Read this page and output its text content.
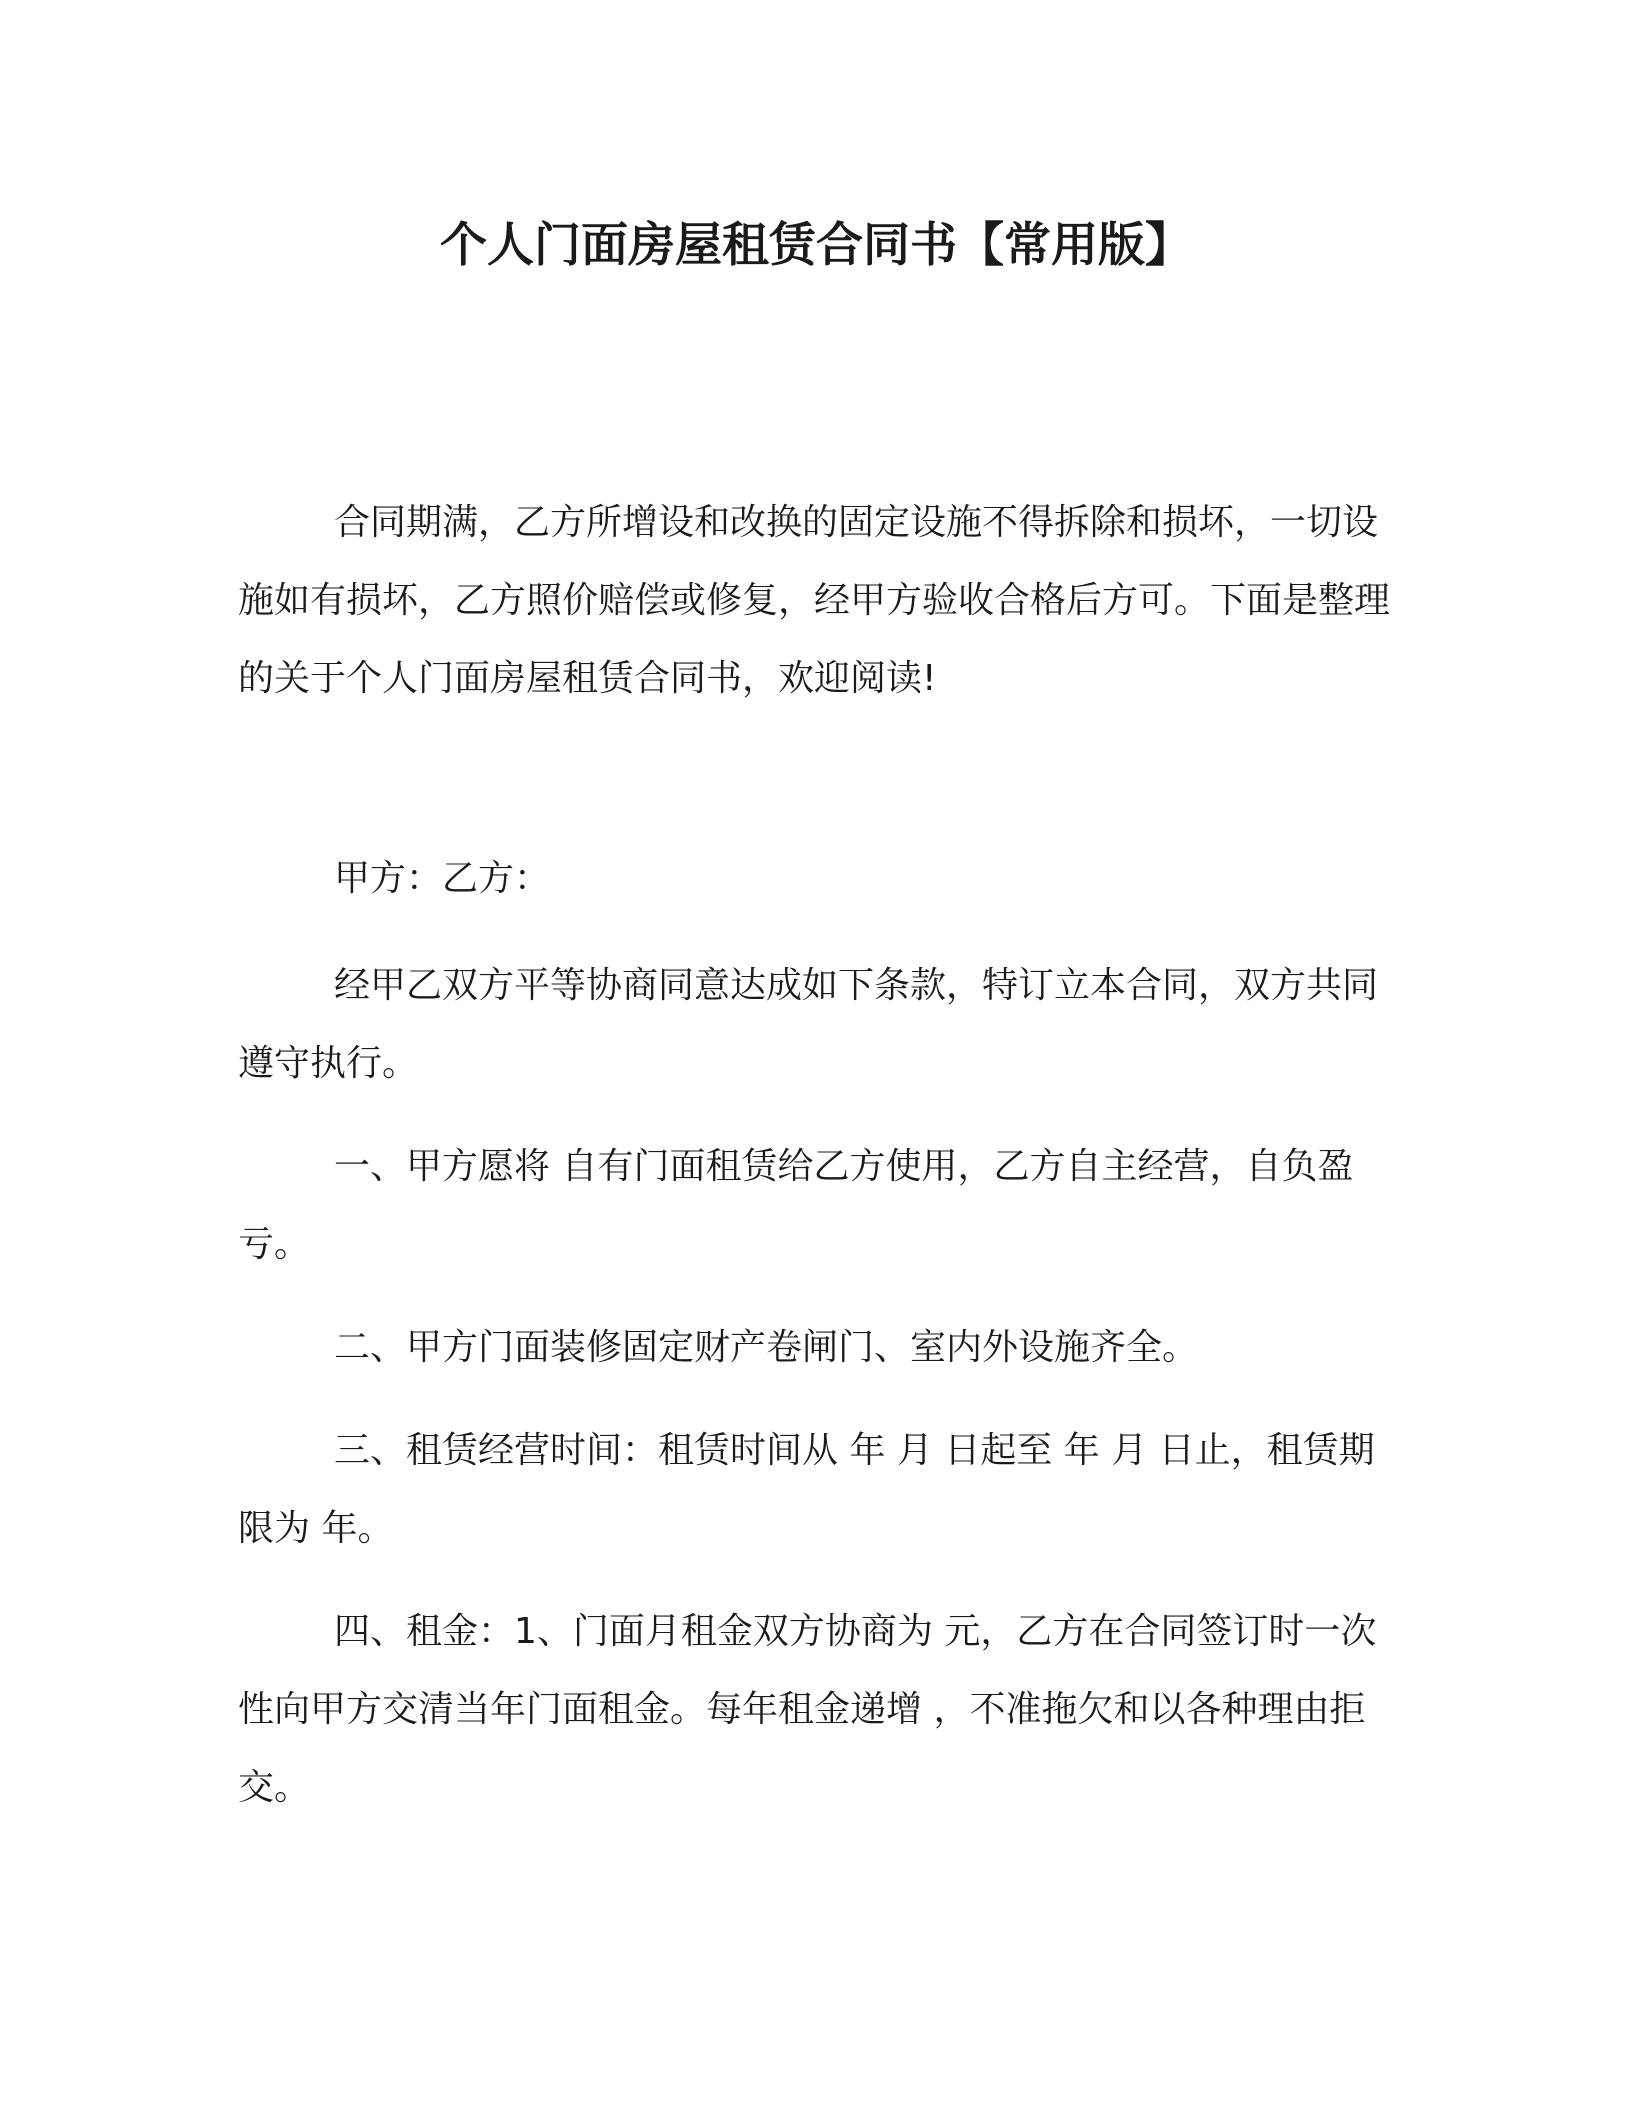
个人门面房屋租赁合同书【常用版】
合同期满，乙方所增设和改换的固定设施不得拆除和损坏，一切设施如有损坏，乙方照价赔偿或修复，经甲方验收合格后方可。下面是整理的关于个人门面房屋租赁合同书，欢迎阅读!
甲方：乙方：
经甲乙双方平等协商同意达成如下条款，特订立本合同，双方共同遵守执行。
一、甲方愿将 自有门面租赁给乙方使用，乙方自主经营，自负盈亏。
二、甲方门面装修固定财产卷闸门、室内外设施齐全。
三、租赁经营时间：租赁时间从 年 月 日起至 年 月 日止，租赁期限为 年。
四、租金：1、门面月租金双方协商为 元，乙方在合同签订时一次性向甲方交清当年门面租金。每年租金递增 ，不准拖欠和以各种理由拒交。
